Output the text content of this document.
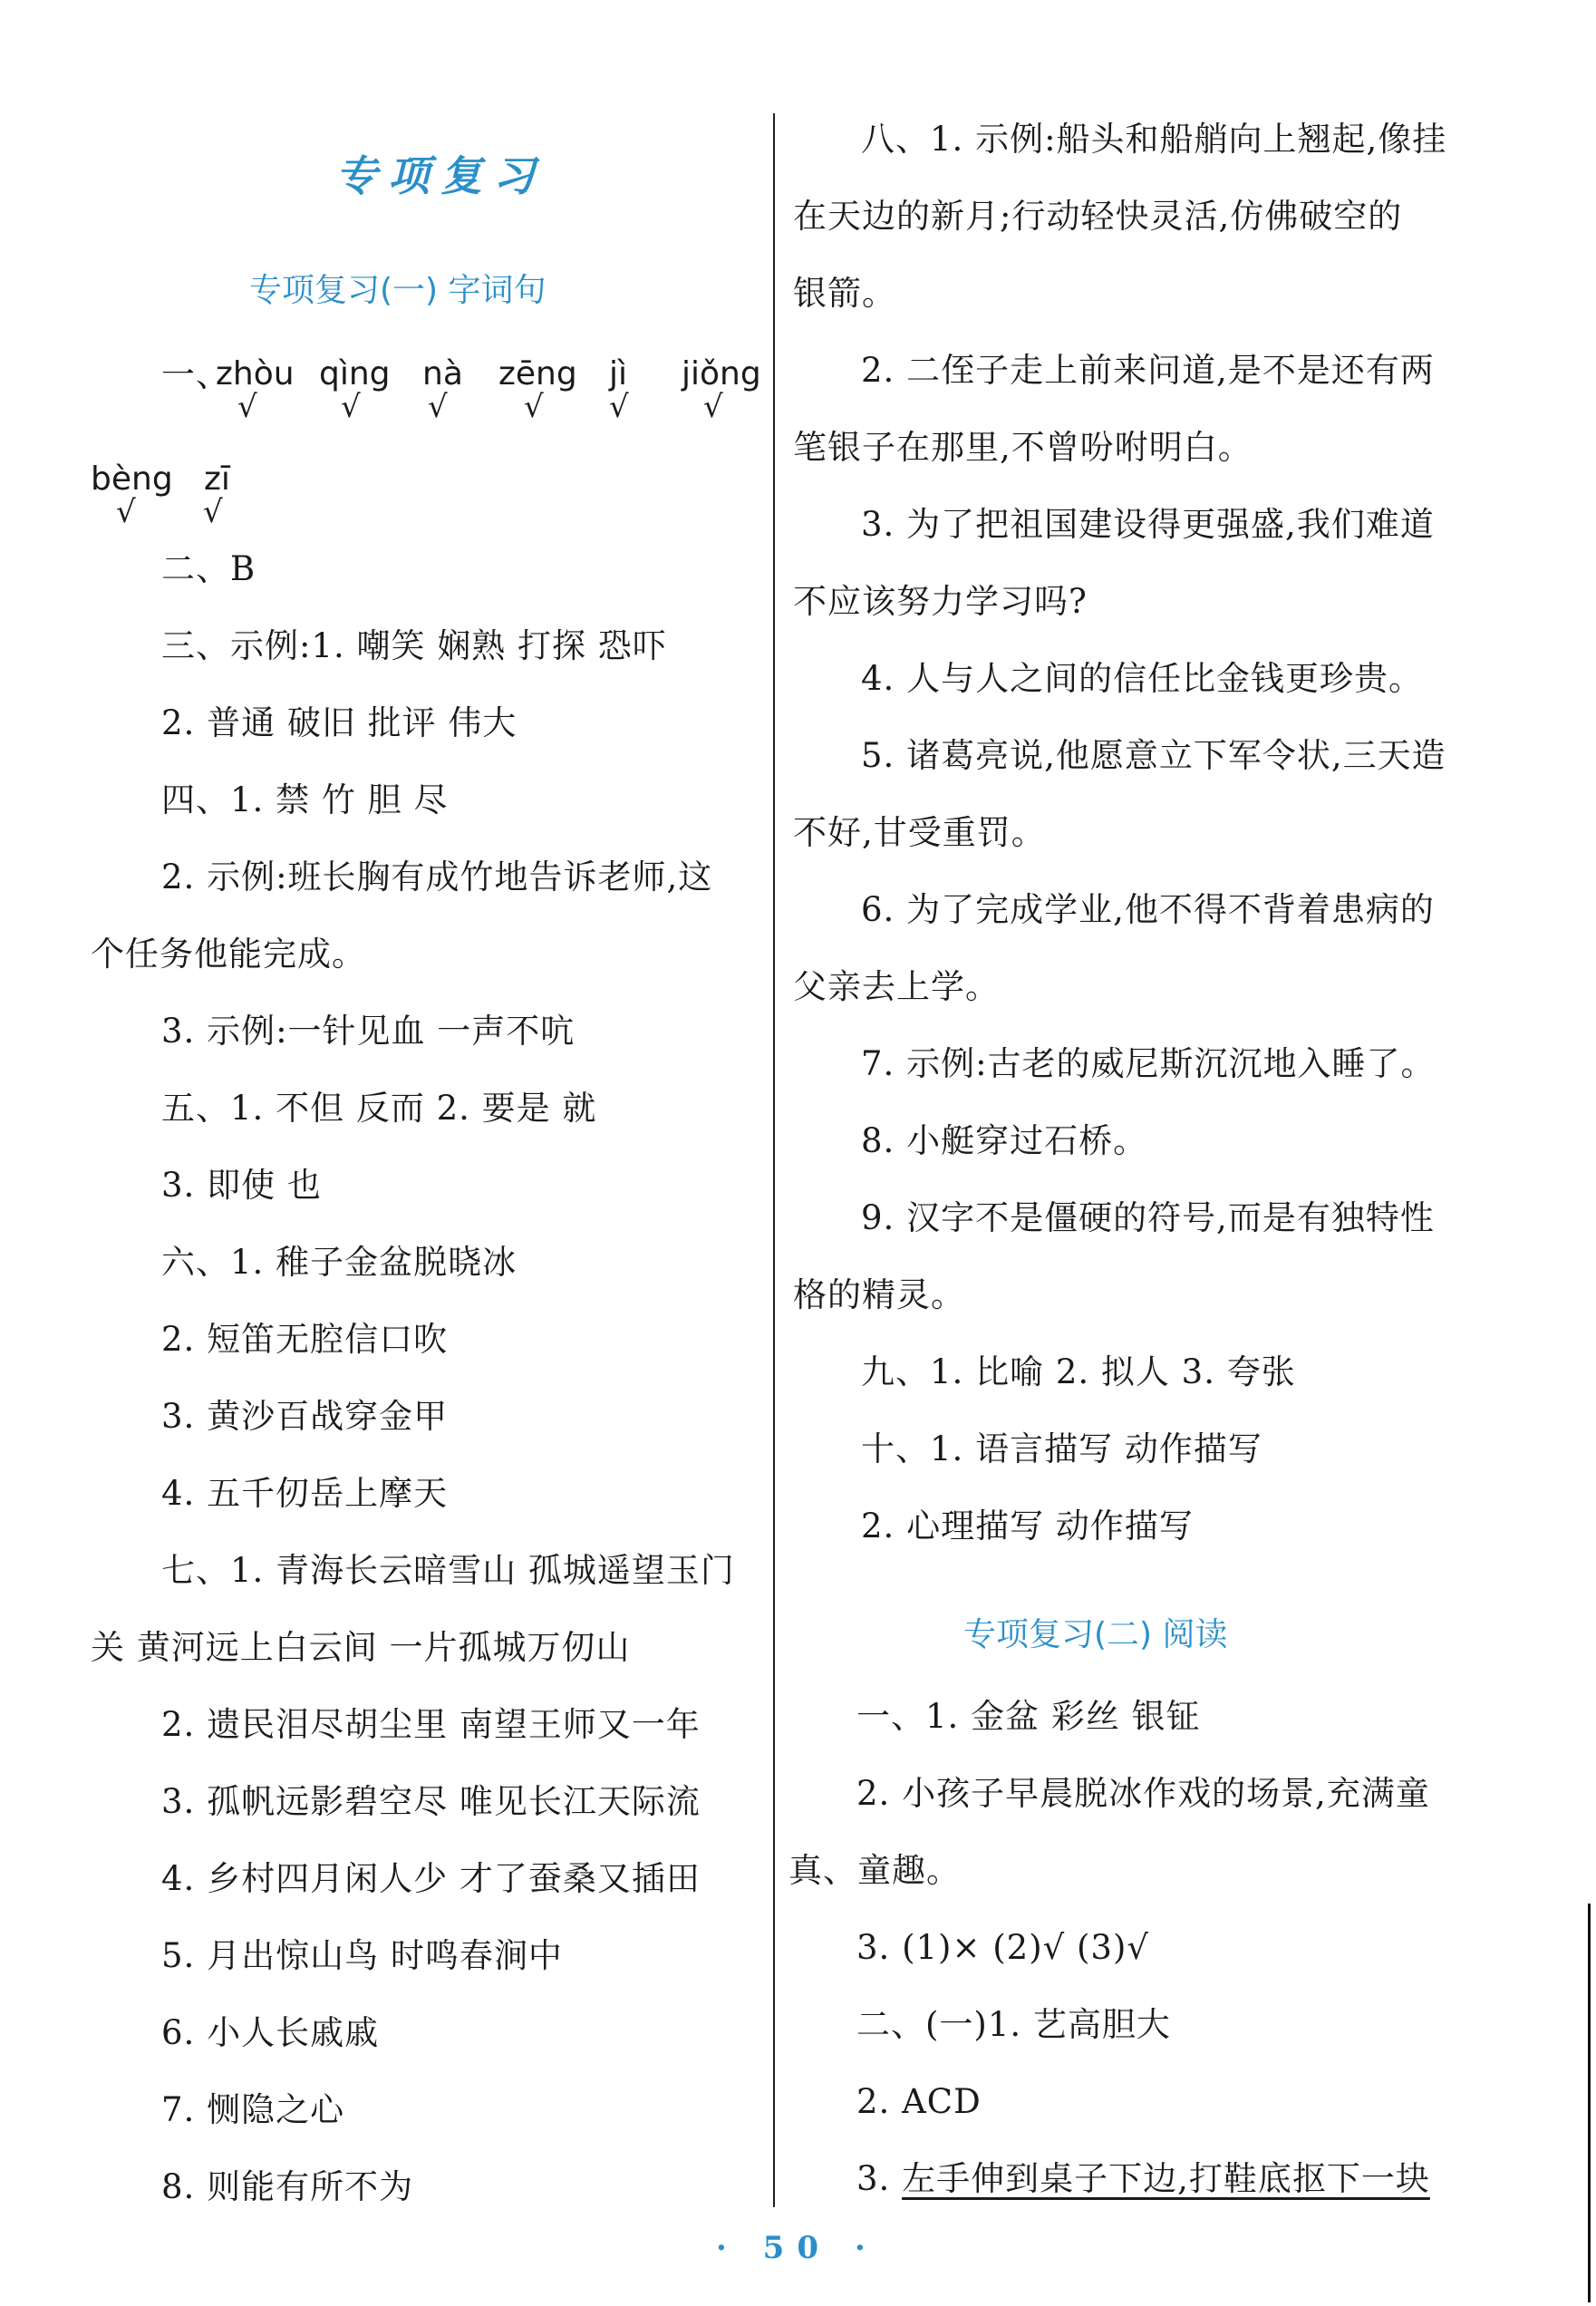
专项复习
专项复习(一) 字词句
一、
zhòu qìng nà zēng jì jiǒng
√	√ √ √ √ √
bèng zī
√ √
二、B
三、示例:1. 嘲笑 娴熟 打探 恐吓
2. 普通 破旧 批评 伟大
四、1. 禁 竹 胆 尽
2. 示例:班长胸有成竹地告诉老师,这
个任务他能完成。
3. 示例:一针见血 一声不吭
五、1. 不但 反而 2. 要是 就
3. 即使 也
六、1. 稚子金盆脱晓冰
2. 短笛无腔信口吹
3. 黄沙百战穿金甲
4. 五千仞岳上摩天
七、1. 青海长云暗雪山 孤城遥望玉门
关 黄河远上白云间 一片孤城万仞山
2. 遗民泪尽胡尘里 南望王师又一年
3. 孤帆远影碧空尽 唯见长江天际流
4. 乡村四月闲人少 才了蚕桑又插田
5. 月出惊山鸟 时鸣春涧中
6. 小人长戚戚
7. 恻隐之心
8. 则能有所不为
八、1. 示例:船头和船艄向上翘起,像挂
在天边的新月;行动轻快灵活,仿佛破空的
银箭。
2. 二侄子走上前来问道,是不是还有两
笔银子在那里,不曾吩咐明白。
3. 为了把祖国建设得更强盛,我们难道
不应该努力学习吗?
4. 人与人之间的信任比金钱更珍贵。
5. 诸葛亮说,他愿意立下军令状,三天造
不好,甘受重罚。
6. 为了完成学业,他不得不背着患病的
父亲去上学。
7. 示例:古老的威尼斯沉沉地入睡了。
8. 小艇穿过石桥。
9. 汉字不是僵硬的符号,而是有独特性
格的精灵。
九、1. 比喻 2. 拟人 3. 夸张
十、1. 语言描写 动作描写
2. 心理描写 动作描写
专项复习(二) 阅读
一、1. 金盆 彩丝 银钲
2. 小孩子早晨脱冰作戏的场景,充满童
真、童趣。
3. (1)× (2)√ (3)√
二、(一)1. 艺高胆大
2. ACD
3. 左手伸到桌子下边,打鞋底抠下一块
· 50 ·
